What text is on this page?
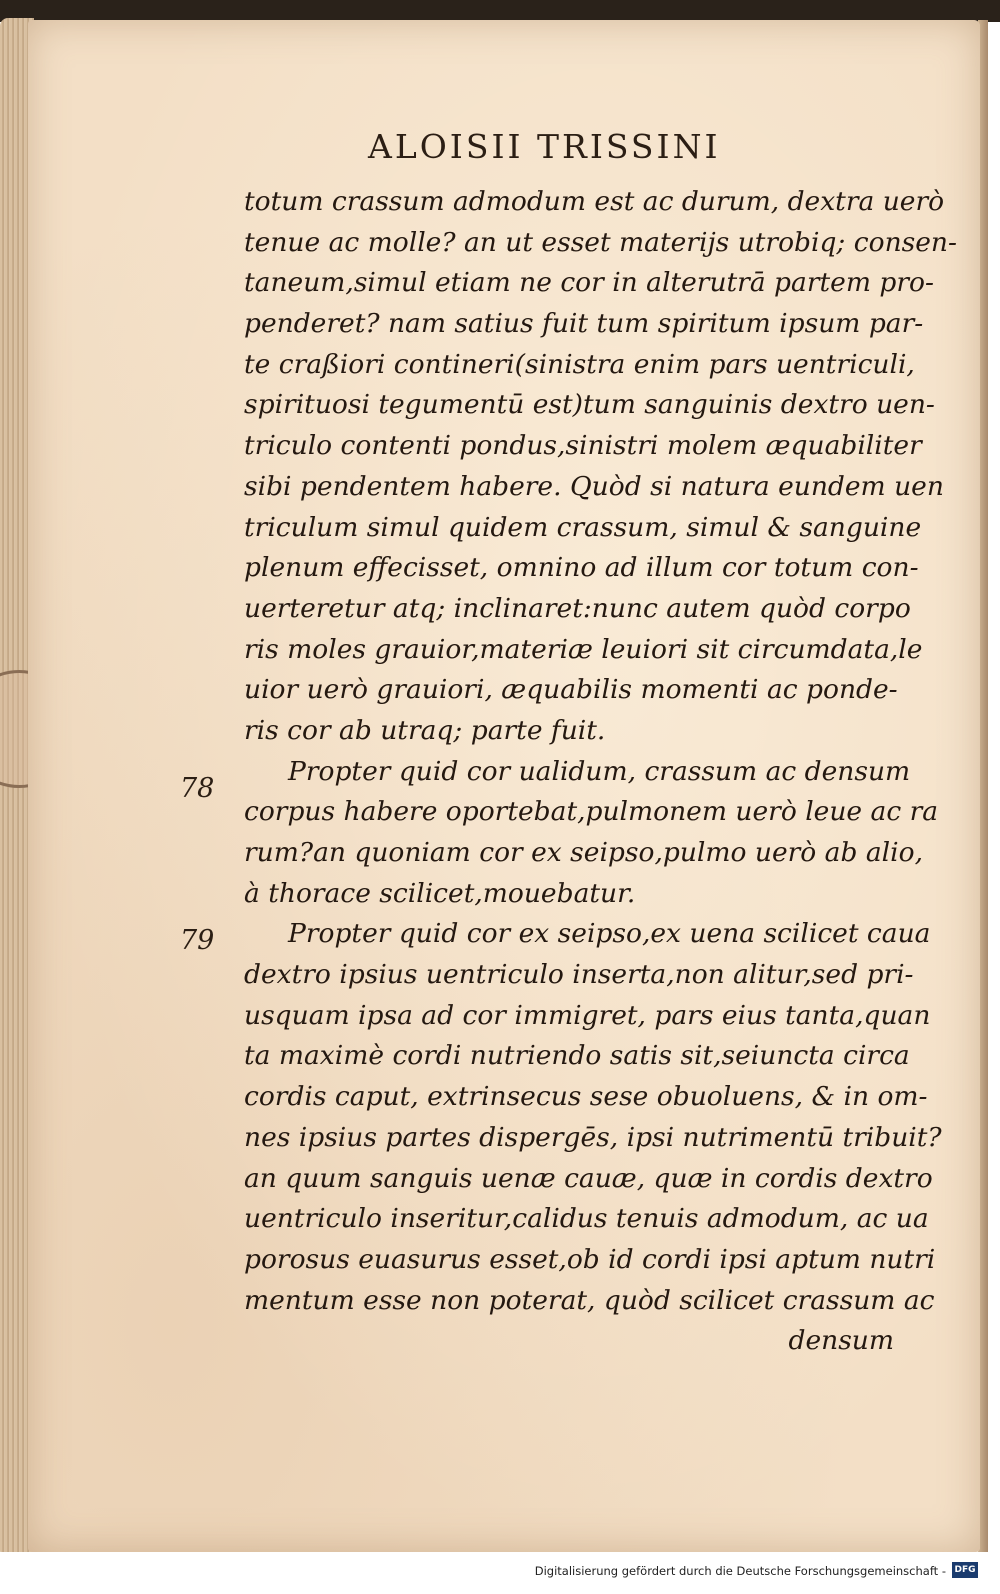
ALOISII TRISSINI
totum crassum admodum est ac durum, dextra uerò
tenue ac molle? an ut esset materijs utrobiq; consen-
taneum,simul etiam ne cor in alterutrā partem pro-
penderet? nam satius fuit tum spiritum ipsum par-
te craßiori contineri(sinistra enim pars uentriculi,
spirituosi tegumentū est)tum sanguinis dextro uen-
triculo contenti pondus,sinistri molem æquabiliter
sibi pendentem habere. Quòd si natura eundem uen
triculum simul quidem crassum, simul & sanguine
plenum effecisset, omnino ad illum cor totum con-
uerteretur atq; inclinaret:nunc autem quòd corpo
ris moles grauior,materiæ leuiori sit circumdata,le
uior uerò grauiori, æquabilis momenti ac ponde-
ris cor ab utraq; parte fuit.
Propter quid cor ualidum, crassum ac densum
corpus habere oportebat,pulmonem uerò leue ac ra
rum?an quoniam cor ex seipso,pulmo uerò ab alio,
à thorace scilicet,mouebatur.
Propter quid cor ex seipso,ex uena scilicet caua
dextro ipsius uentriculo inserta,non alitur,sed pri-
usquam ipsa ad cor immigret, pars eius tanta,quan
ta maximè cordi nutriendo satis sit,seiuncta circa
cordis caput, extrinsecus sese obuoluens, & in om-
nes ipsius partes dispergēs, ipsi nutrimentū tribuit?
an quum sanguis uenæ cauæ, quæ in cordis dextro
uentriculo inseritur,calidus tenuis admodum, ac ua
porosus euasurus esset,ob id cordi ipsi aptum nutri
mentum esse non poterat, quòd scilicet crassum ac
densum
78
79
Digitalisierung gefördert durch die Deutsche Forschungsgemeinschaft - DFG
